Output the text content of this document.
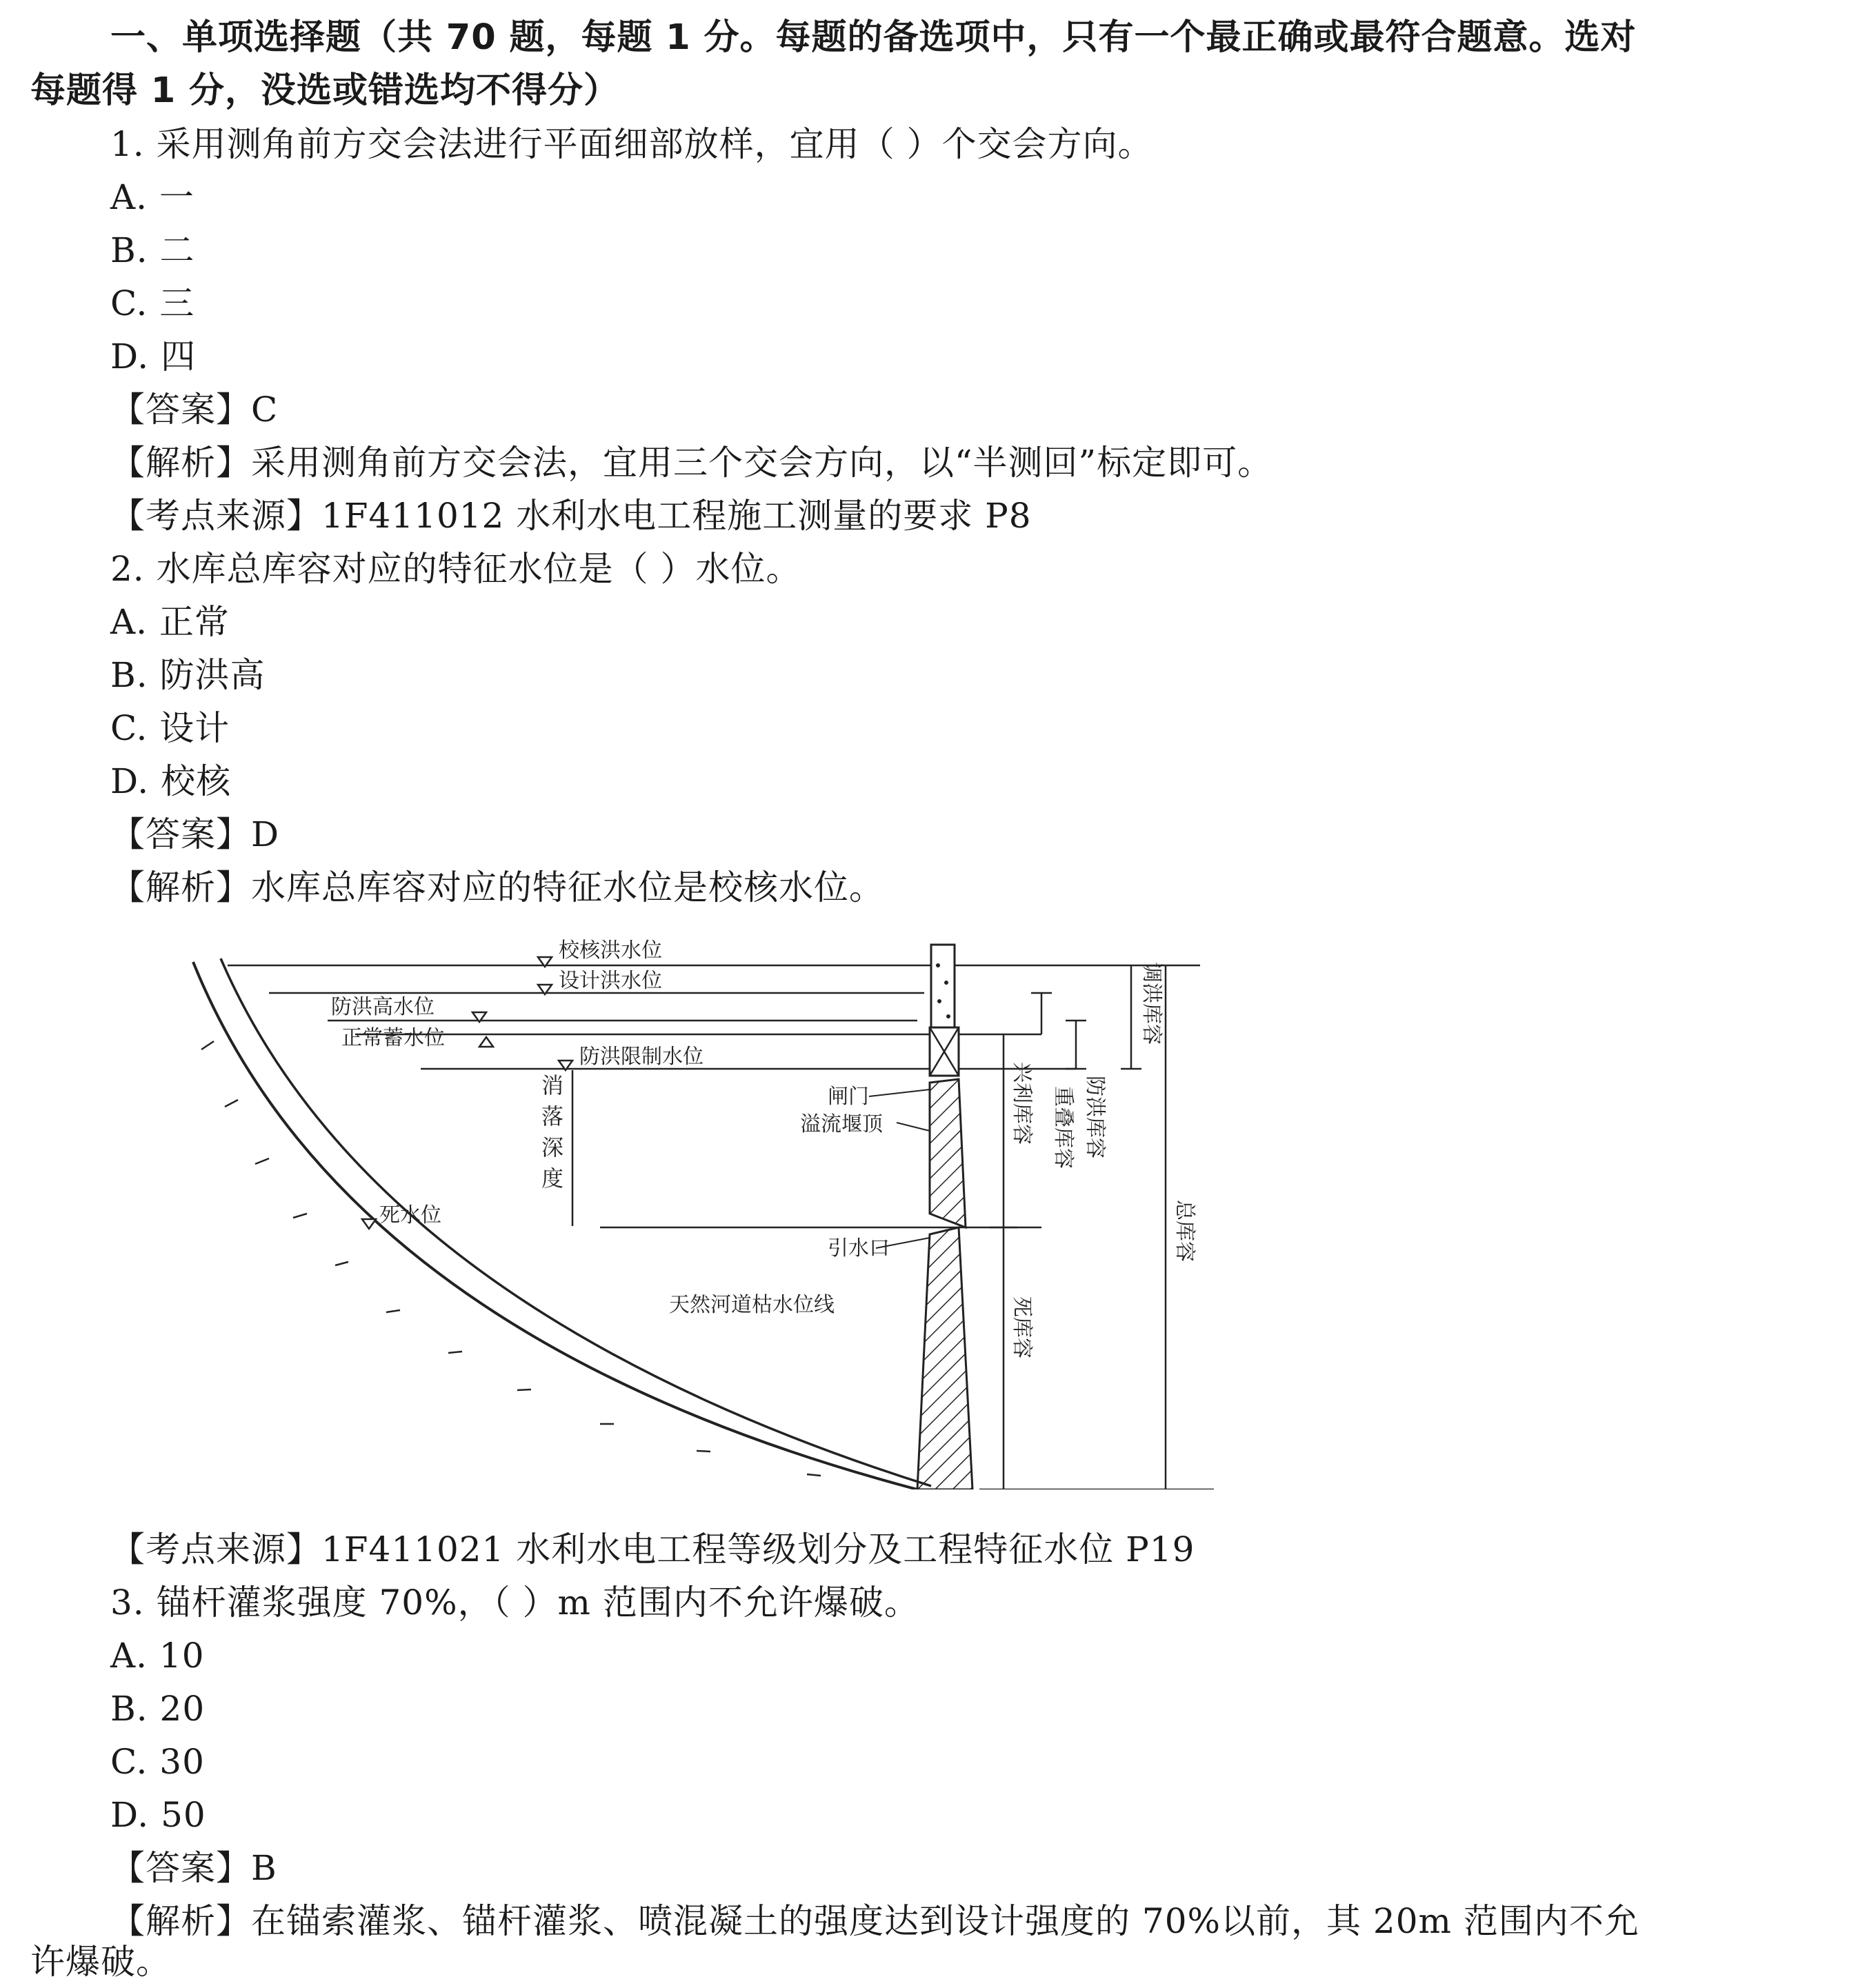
一、单项选择题（共 70 题，每题 1 分。每题的备选项中，只有一个最正确或最符合题意。选对
每题得 1 分，没选或错选均不得分）
1. 采用测角前方交会法进行平面细部放样，宜用（ ）个交会方向。
A. 一
B. 二
C. 三
D. 四
【答案】C
【解析】采用测角前方交会法，宜用三个交会方向，以“半测回”标定即可。
【考点来源】1F411012 水利水电工程施工测量的要求 P8
2. 水库总库容对应的特征水位是（ ）水位。
A. 正常
B. 防洪高
C. 设计
D. 校核
【答案】D
【解析】水库总库容对应的特征水位是校核水位。
校核洪水位
设计洪水位
防洪高水位
正常蓄水位
防洪限制水位
闸门
溢流堰顶
死水位
引水口
天然河道枯水位线
消
落
深
度
调洪库容
兴利库容 重叠库容 防洪库容
总库容
死库容
【考点来源】1F411021 水利水电工程等级划分及工程特征水位 P19
3. 锚杆灌浆强度 70%，（ ）m 范围内不允许爆破。
A. 10
B. 20
C. 30
D. 50
【答案】B
【解析】在锚索灌浆、锚杆灌浆、喷混凝土的强度达到设计强度的 70%以前，其 20m 范围内不允
许爆破。
